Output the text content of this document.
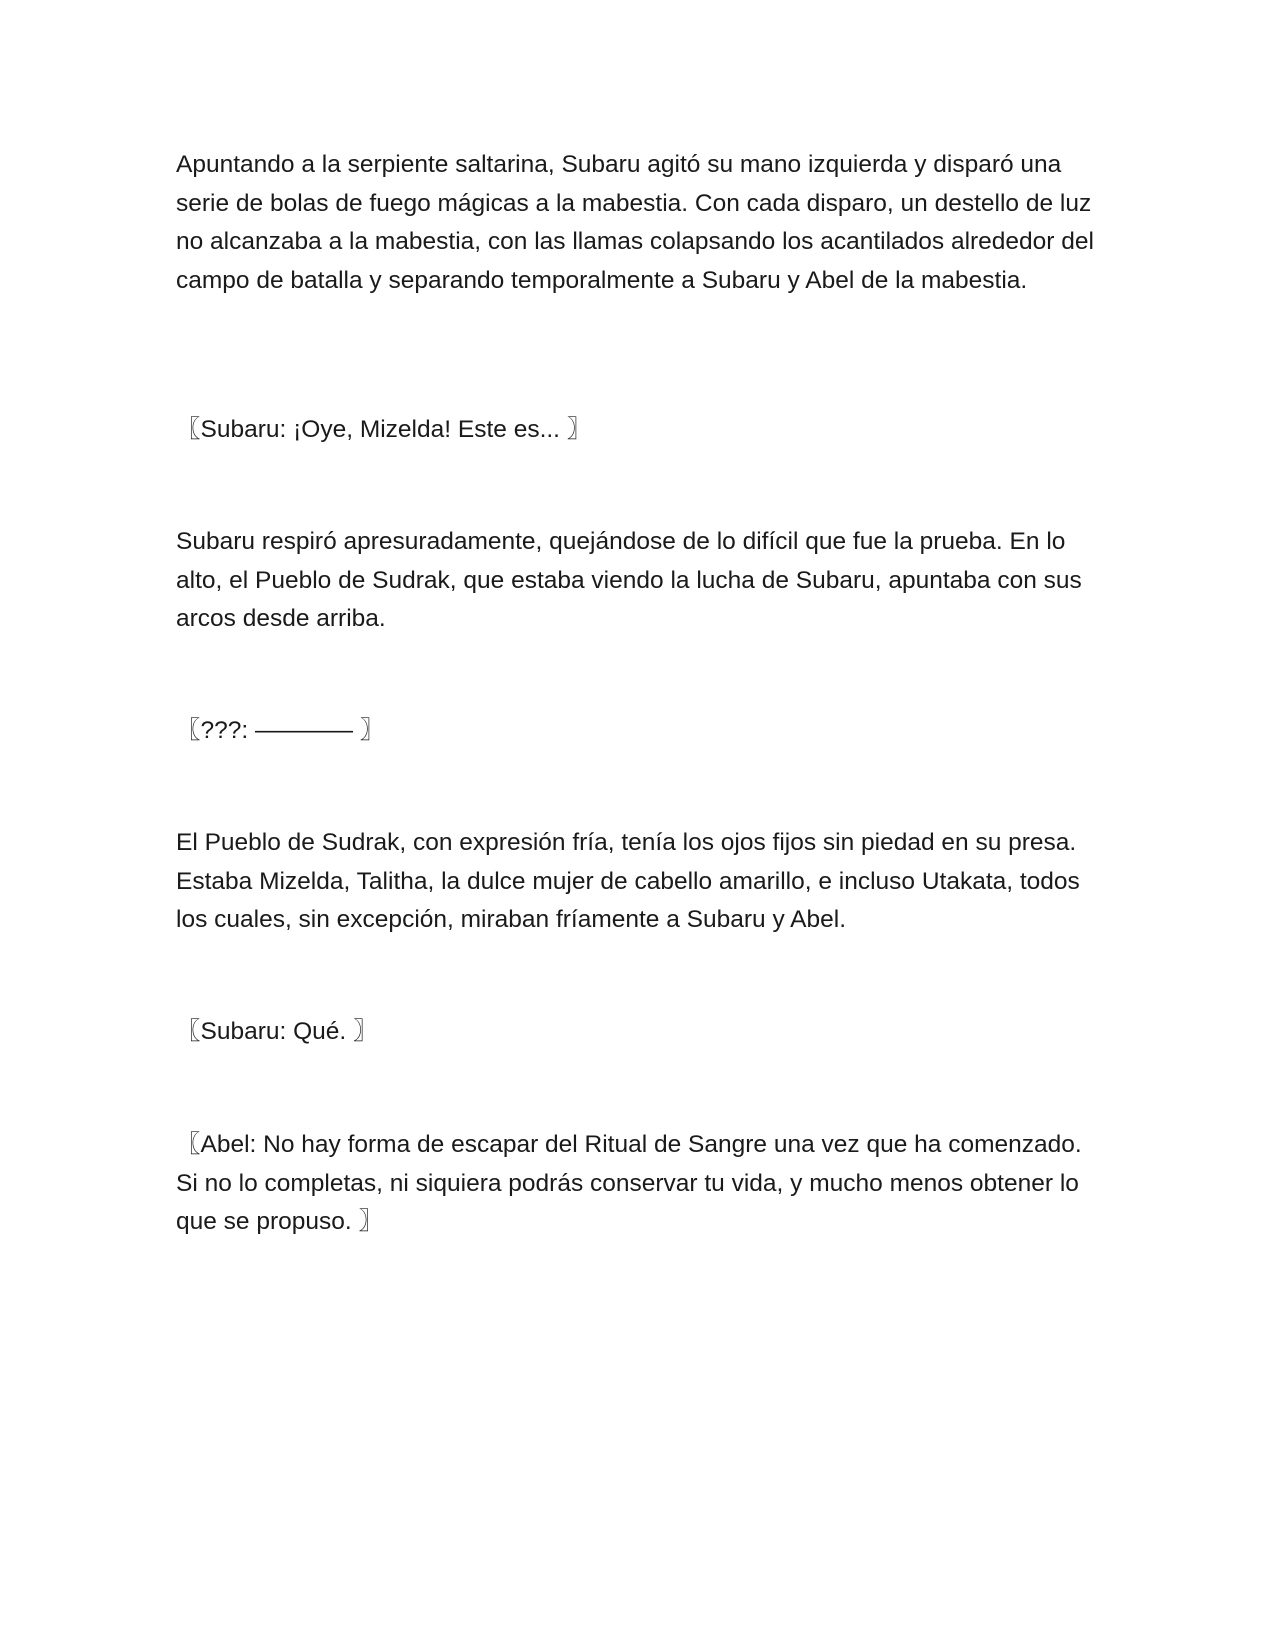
Apuntando a la serpiente saltarina, Subaru agitó su mano izquierda y disparó una serie de bolas de fuego mágicas a la mabestia. Con cada disparo, un destello de luz no alcanzaba a la mabestia, con las llamas colapsando los acantilados alrededor del campo de batalla y separando temporalmente a Subaru y Abel de la mabestia.

〖Subaru: ¡Oye, Mizelda! Este es... 〗

Subaru respiró apresuradamente, quejándose de lo difícil que fue la prueba. En lo alto, el Pueblo de Sudrak, que estaba viendo la lucha de Subaru, apuntaba con sus arcos desde arriba.

〖???: ———— 〗

El Pueblo de Sudrak, con expresión fría, tenía los ojos fijos sin piedad en su presa. Estaba Mizelda, Talitha, la dulce mujer de cabello amarillo, e incluso Utakata, todos los cuales, sin excepción, miraban fríamente a Subaru y Abel.

〖Subaru: Qué. 〗

〖Abel: No hay forma de escapar del Ritual de Sangre una vez que ha comenzado. Si no lo completas, ni siquiera podrás conservar tu vida, y mucho menos obtener lo que se propuso. 〗
